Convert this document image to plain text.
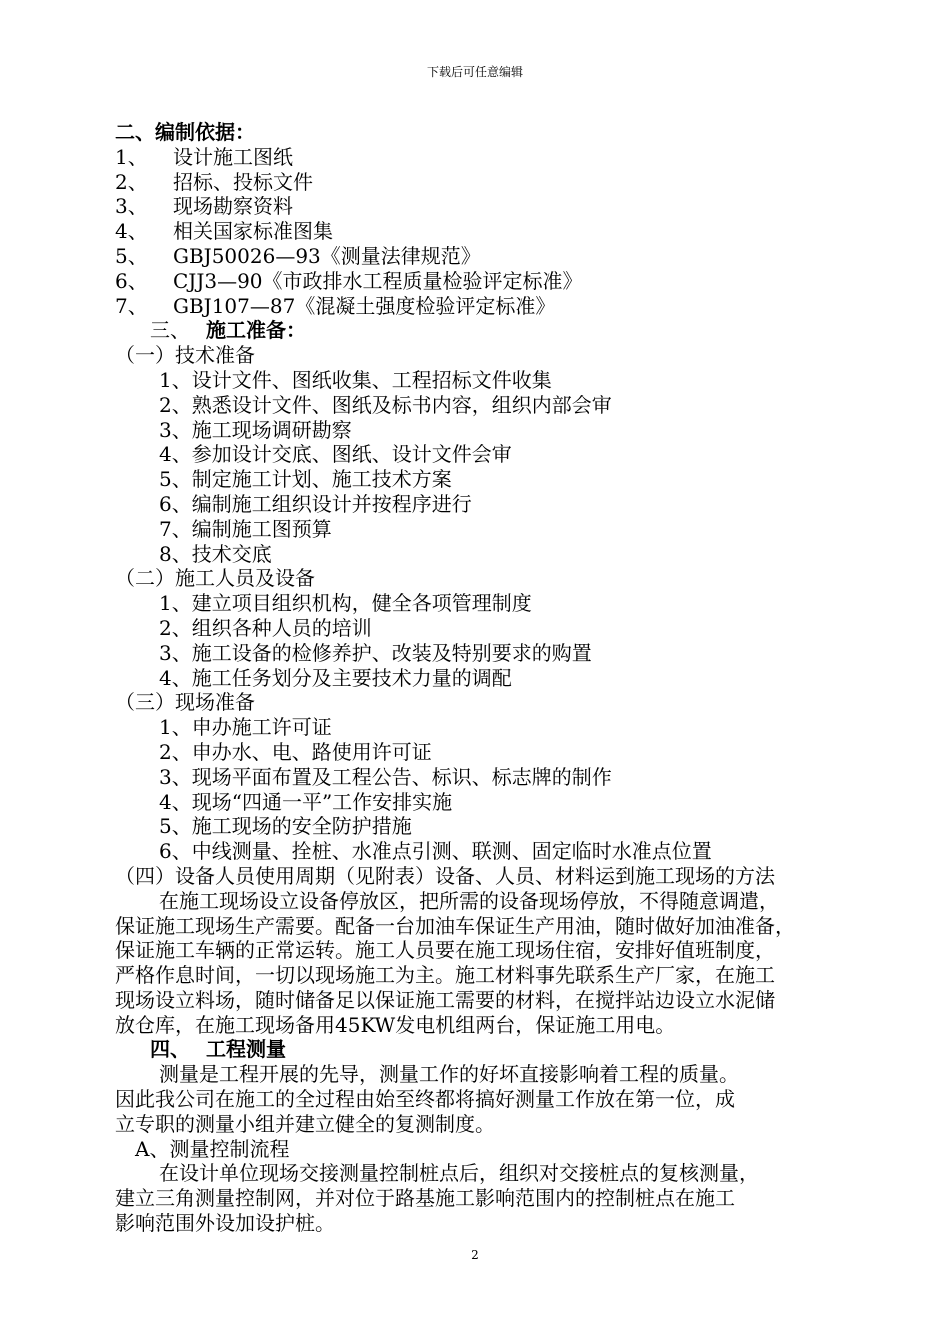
下载后可任意编辑
二、编制依据：
1、 设计施工图纸
2、 招标、投标文件
3、 现场勘察资料
4、 相关国家标准图集
5、 GBJ50026—93《测量法律规范》
6、 CJJ3—90《市政排水工程质量检验评定标准》
7、 GBJ107—87《混凝土强度检验评定标准》
三、 施工准备：
（一）技术准备
1、设计文件、图纸收集、工程招标文件收集
2、熟悉设计文件、图纸及标书内容，组织内部会审
3、施工现场调研勘察
4、参加设计交底、图纸、设计文件会审
5、制定施工计划、施工技术方案
6、编制施工组织设计并按程序进行
7、编制施工图预算
8、技术交底
（二）施工人员及设备
1、建立项目组织机构，健全各项管理制度
2、组织各种人员的培训
3、施工设备的检修养护、改装及特别要求的购置
4、施工任务划分及主要技术力量的调配
（三）现场准备
1、申办施工许可证
2、申办水、电、路使用许可证
3、现场平面布置及工程公告、标识、标志牌的制作
4、现场“四通一平”工作安排实施
5、施工现场的安全防护措施
6、中线测量、拴桩、水准点引测、联测、固定临时水准点位置
（四）设备人员使用周期（见附表）设备、人员、材料运到施工现场的方法
在施工现场设立设备停放区，把所需的设备现场停放，不得随意调遣，
保证施工现场生产需要。配备一台加油车保证生产用油，随时做好加油准备，
保证施工车辆的正常运转。施工人员要在施工现场住宿，安排好值班制度，
严格作息时间，一切以现场施工为主。施工材料事先联系生产厂家，在施工
现场设立料场，随时储备足以保证施工需要的材料，在搅拌站边设立水泥储
放仓库，在施工现场备用45KW发电机组两台，保证施工用电。
四、 工程测量
测量是工程开展的先导，测量工作的好坏直接影响着工程的质量。
因此我公司在施工的全过程由始至终都将搞好测量工作放在第一位，成
立专职的测量小组并建立健全的复测制度。
A、测量控制流程
在设计单位现场交接测量控制桩点后，组织对交接桩点的复核测量，
建立三角测量控制网，并对位于路基施工影响范围内的控制桩点在施工
影响范围外设加设护桩。
2
